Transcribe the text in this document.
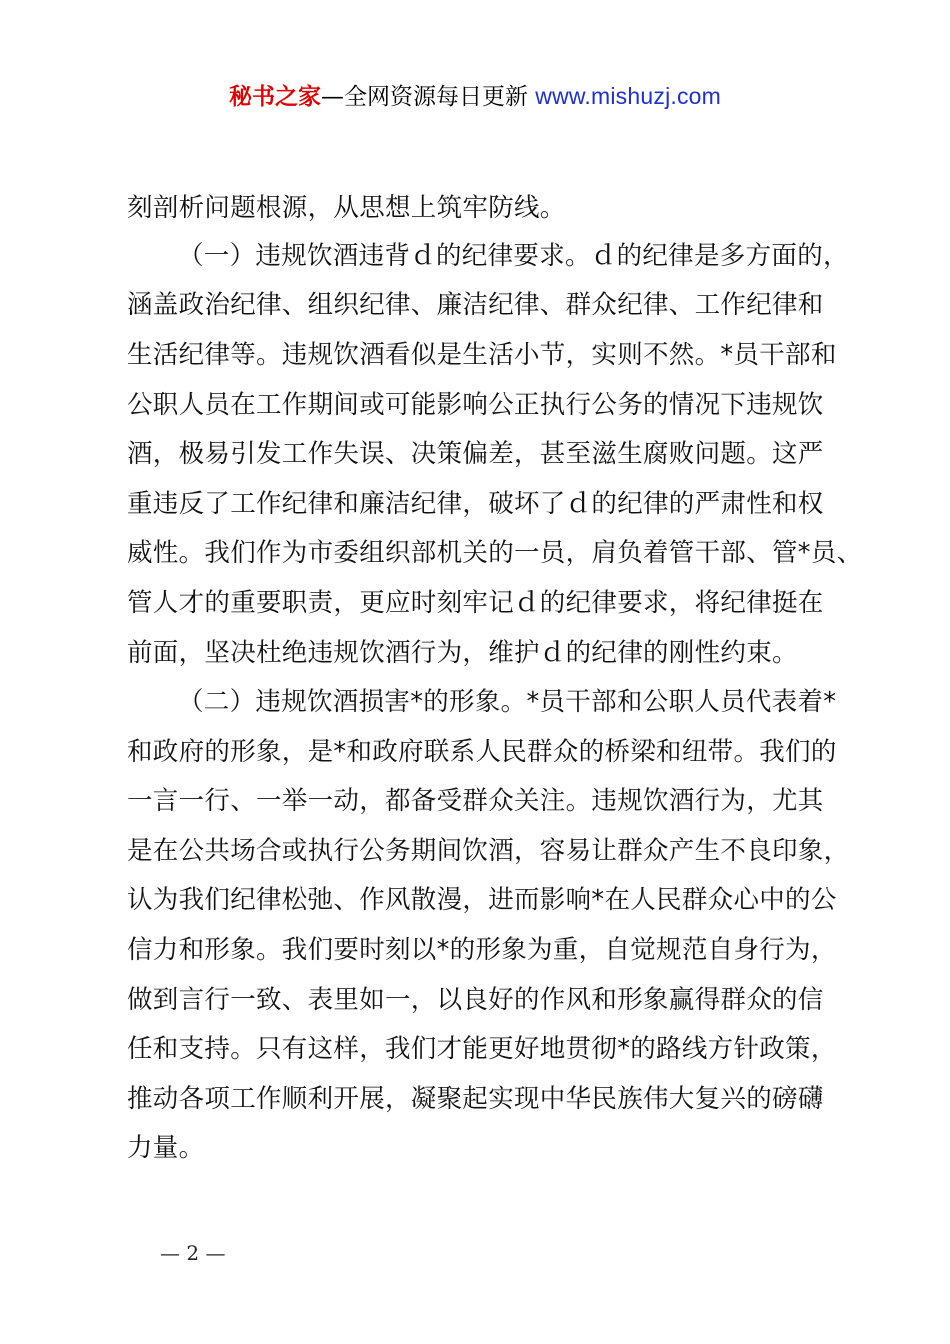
秘书之家—全网资源每日更新 www.mishuzj.com
刻剖析问题根源，从思想上筑牢防线。
（一）违规饮酒违背ｄ的纪律要求。ｄ的纪律是多方面的，
涵盖政治纪律、组织纪律、廉洁纪律、群众纪律、工作纪律和
生活纪律等。违规饮酒看似是生活小节，实则不然。*员干部和
公职人员在工作期间或可能影响公正执行公务的情况下违规饮
酒，极易引发工作失误、决策偏差，甚至滋生腐败问题。这严
重违反了工作纪律和廉洁纪律，破坏了ｄ的纪律的严肃性和权
威性。我们作为市委组织部机关的一员，肩负着管干部、管*员、
管人才的重要职责，更应时刻牢记ｄ的纪律要求，将纪律挺在
前面，坚决杜绝违规饮酒行为，维护ｄ的纪律的刚性约束。
（二）违规饮酒损害*的形象。*员干部和公职人员代表着*
和政府的形象，是*和政府联系人民群众的桥梁和纽带。我们的
一言一行、一举一动，都备受群众关注。违规饮酒行为，尤其
是在公共场合或执行公务期间饮酒，容易让群众产生不良印象，
认为我们纪律松弛、作风散漫，进而影响*在人民群众心中的公
信力和形象。我们要时刻以*的形象为重，自觉规范自身行为，
做到言行一致、表里如一，以良好的作风和形象赢得群众的信
任和支持。只有这样，我们才能更好地贯彻*的路线方针政策，
推动各项工作顺利开展，凝聚起实现中华民族伟大复兴的磅礴
力量。
— 2 —
